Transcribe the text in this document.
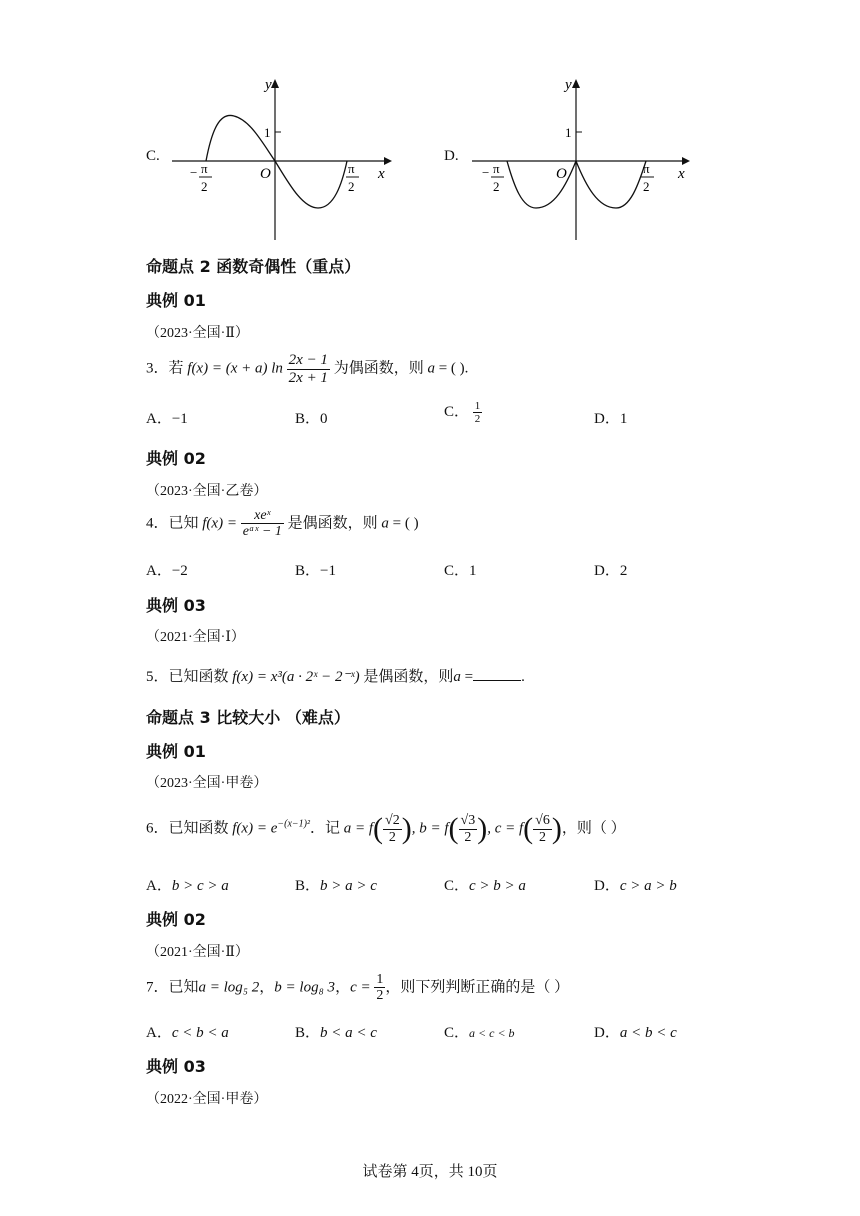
C.
y
x
O
1
− π
2
π
2
D.
y
x
O
1
− π
2
π
2
命题点 2 函数奇偶性（重点）
典例 01
（2023·全国·Ⅱ）
3．若 f(x) = (x + a) $\ln \frac{2x - 1}{2x + 1}$ 为偶函数，则 a = ( ).
A．−1	B．0	C． $\frac{1}{2}$	D．1
典例 02
（2023·全国·乙卷）
4．已知 $f(x) = \frac{\text{xeˣ}}{\text{eᵃˣ − 1}}$ 是偶函数，则 a = ( )
A．−2	B．−1	C．1	D．2
典例 03
（2021·全国·Ⅰ）
5．已知函数 f(x) = x³(a · 2ˣ − 2⁻ˣ) 是偶函数，则a =	.
命题点 3 比较大小 （难点）
典例 01
（2023·全国·甲卷）
6．已知函数 $f(x) = e^{-(x-1)^2}$．记 $a = f( \frac{√2}{2}$ ), $b = f( \frac{√3}{2}$ ), $c = f( \frac{√6}{2}$ )，则（ ）
A．b > c > a	B．b > a > c	C．c > b > a	D．c > a > b
典例 02
（2021·全国·Ⅱ）
7．已知a = log₅ 2，b = log₈ 3，$c = \frac{1}{2}$ ，则下列判断正确的是（ ）
A．c < b < a	B．b < a < c	C．a < c < b	D．a < b < c
典例 03
（2022·全国·甲卷）
试卷第 4页，共 10页
